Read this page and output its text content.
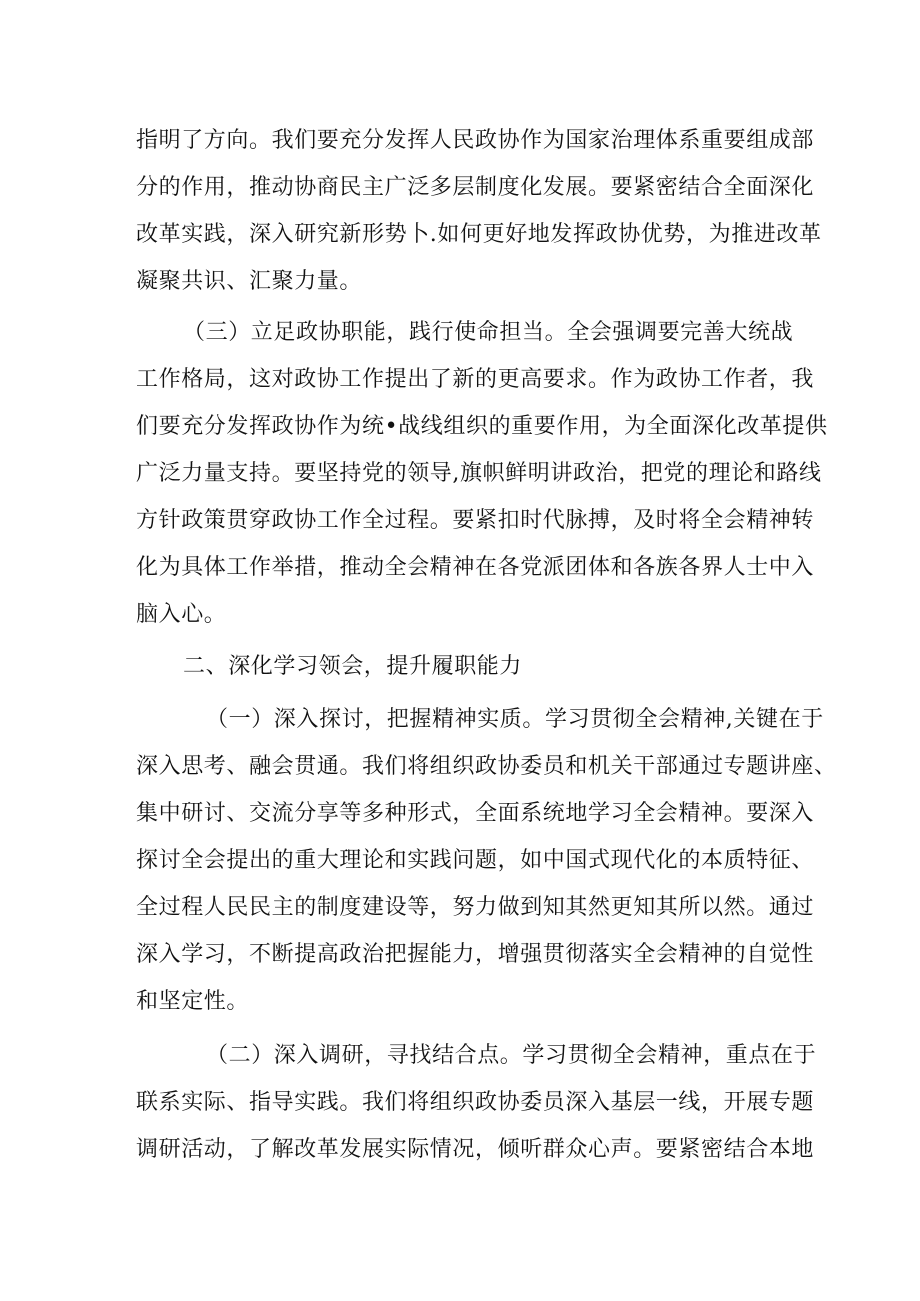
指明了方向。我们要充分发挥人民政协作为国家治理体系重要组成部
分的作用，推动协商民主广泛多层制度化发展。要紧密结合全面深化
改革实践，深入研究新形势卜.如何更好地发挥政协优势，为推进改革
凝聚共识、汇聚力量。
（三）立足政协职能，践行使命担当。全会强调要完善大统战
工作格局，这对政协工作提出了新的更高要求。作为政协工作者，我
们要充分发挥政协作为统•战线组织的重要作用，为全面深化改革提供
广泛力量支持。要坚持党的领导,旗帜鲜明讲政治，把党的理论和路线
方针政策贯穿政协工作全过程。要紧扣时代脉搏，及时将全会精神转
化为具体工作举措，推动全会精神在各党派团体和各族各界人士中入
脑入心。
二、深化学习领会，提升履职能力
（一）深入探讨，把握精神实质。学习贯彻全会精神,关键在于
深入思考、融会贯通。我们将组织政协委员和机关干部通过专题讲座、
集中研讨、交流分享等多种形式，全面系统地学习全会精神。要深入
探讨全会提出的重大理论和实践问题，如中国式现代化的本质特征、
全过程人民民主的制度建设等，努力做到知其然更知其所以然。通过
深入学习，不断提高政治把握能力，增强贯彻落实全会精神的自觉性
和坚定性。
（二）深入调研，寻找结合点。学习贯彻全会精神，重点在于
联系实际、指导实践。我们将组织政协委员深入基层一线，开展专题
调研活动，了解改革发展实际情况，倾听群众心声。要紧密结合本地
